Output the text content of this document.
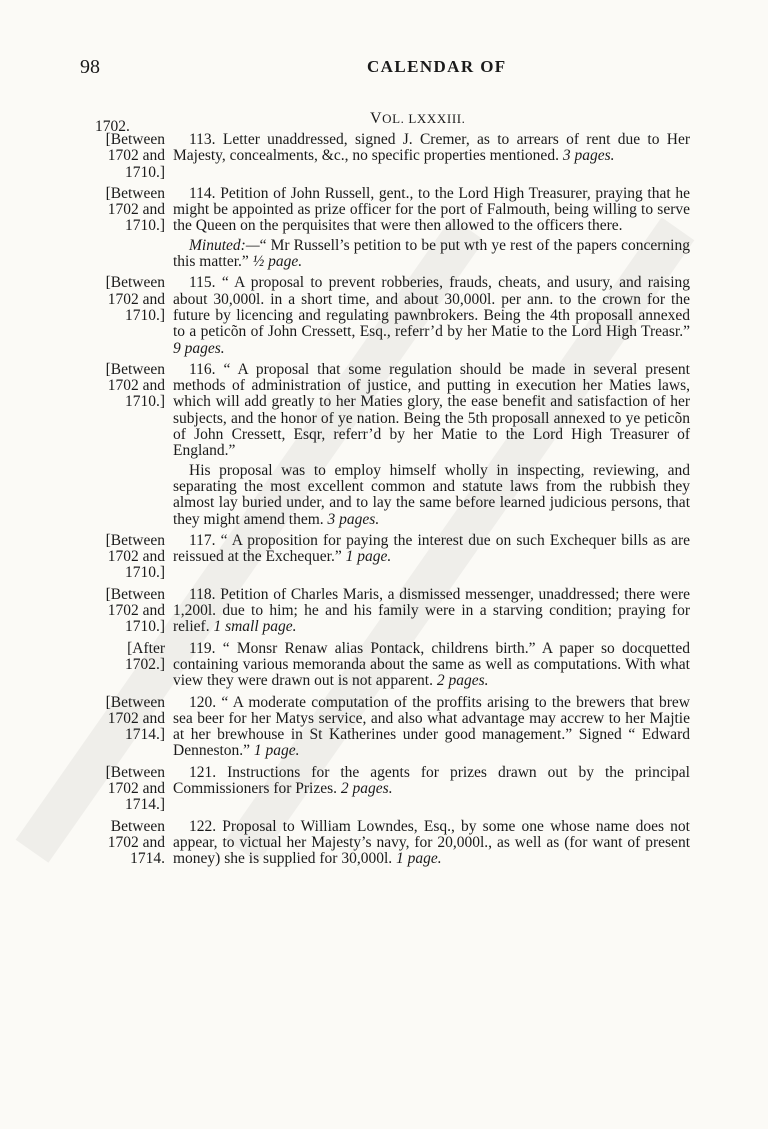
98	CALENDAR OF
VOL. LXXXIII.
1702.
[Between
1702 and
1710.]

113. Letter unaddressed, signed J. Cremer, as to arrears of rent due to Her Majesty, concealments, &c., no specific properties mentioned. 3 pages.

[Between
1702 and
1710.]

114. Petition of John Russell, gent., to the Lord High Treasurer, praying that he might be appointed as prize officer for the port of Falmouth, being willing to serve the Queen on the perquisites that were then allowed to the officers there.

Minuted:—“ Mr Russell’s petition to be put wth ye rest of the papers concerning this matter.” ½ page.

[Between
1702 and
1710.]

115. “ A proposal to prevent robberies, frauds, cheats, and usury, and raising about 30,000l. in a short time, and about 30,000l. per ann. to the crown for the future by licencing and regulating pawnbrokers. Being the 4th proposall annexed to a peticõn of John Cressett, Esq., referr’d by her Matie to the Lord High Treasr.” 9 pages.

[Between
1702 and
1710.]

116. “ A proposal that some regulation should be made in several present methods of administration of justice, and putting in execution her Maties laws, which will add greatly to her Maties glory, the ease benefit and satisfaction of her subjects, and the honor of ye nation. Being the 5th proposall annexed to ye peticõn of John Cressett, Esqr, referr’d by her Matie to the Lord High Treasurer of England.”

His proposal was to employ himself wholly in inspecting, reviewing, and separating the most excellent common and statute laws from the rubbish they almost lay buried under, and to lay the same before learned judicious persons, that they might amend them. 3 pages.

[Between
1702 and
1710.]

117. “ A proposition for paying the interest due on such Exchequer bills as are reissued at the Exchequer.” 1 page.

[Between
1702 and
1710.]

118. Petition of Charles Maris, a dismissed messenger, unaddressed; there were 1,200l. due to him; he and his family were in a starving condition; praying for relief. 1 small page.

[After
1702.]

119. “ Monsr Renaw alias Pontack, childrens birth.” A paper so docquetted containing various memoranda about the same as well as computations. With what view they were drawn out is not apparent. 2 pages.

[Between
1702 and
1714.]

120. “ A moderate computation of the proffits arising to the brewers that brew sea beer for her Matys service, and also what advantage may accrew to her Majtie at her brewhouse in St Katherines under good management.” Signed “ Edward Denneston.” 1 page.

[Between
1702 and
1714.]

121. Instructions for the agents for prizes drawn out by the principal Commissioners for Prizes. 2 pages.

Between
1702 and
1714.

122. Proposal to William Lowndes, Esq., by some one whose name does not appear, to victual her Majesty’s navy, for 20,000l., as well as (for want of present money) she is supplied for 30,000l. 1 page.
